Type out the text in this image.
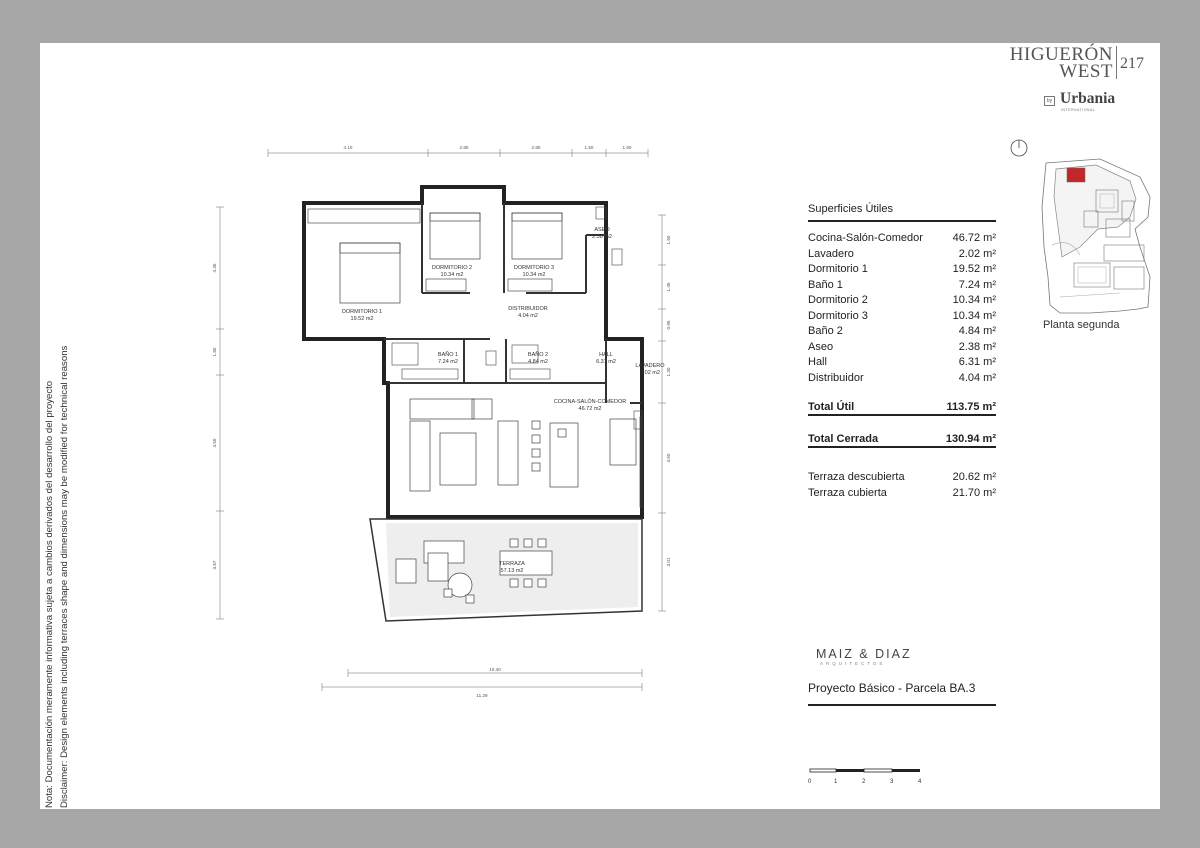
Nota: Documentación meramente informativa sujeta a cambios derivados del desarrollo del proyecto Disclaimer: Design elements including terraces shape and dimensions may be modified for technical reasons
HIGUERÓN
WEST 217
by Urbania
INTERNATIONAL
Planta segunda
Superficies Útiles
Cocina-Salón-Comedor	46.72 m²
Lavadero	2.02 m²
Dormitorio 1	19.52 m²
Baño 1	7.24 m²
Dormitorio 2	10.34 m²
Dormitorio 3	10.34 m²
Baño 2	4.84 m²
Aseo	2.38 m²
Hall	6.31 m²
Distribuidor	4.04 m²
Total Útil	113.75 m²
Total Cerrada	130.94 m²
Terraza descubierta	20.62 m²
Terraza cubierta	21.70 m²
MAIZ & DIAZ
ARQUITECTOS
Proyecto Básico - Parcela BA.3
0	1	2	3	4
DORMITORIO 1 19.52 m2
DORMITORIO 2 10.34 m2
DORMITORIO 3 10.34 m2
ASEO 2.38 m2
DISTRIBUIDOR 4.04 m2
BAÑO 1 7.24 m2
BAÑO 2 4.84 m2
HALL 6.31 m2
LAVADERO 2.02 m2
COCINA-SALÓN-COMEDOR 46.72 m2
TERRAZA 57.13 m2
4.10	2.80	2.80	1.50	1.60
4.35
1.80
4.50
3.67
1.60
1.45
0.95
1.30
4.50
3.01
10.40
11.29
